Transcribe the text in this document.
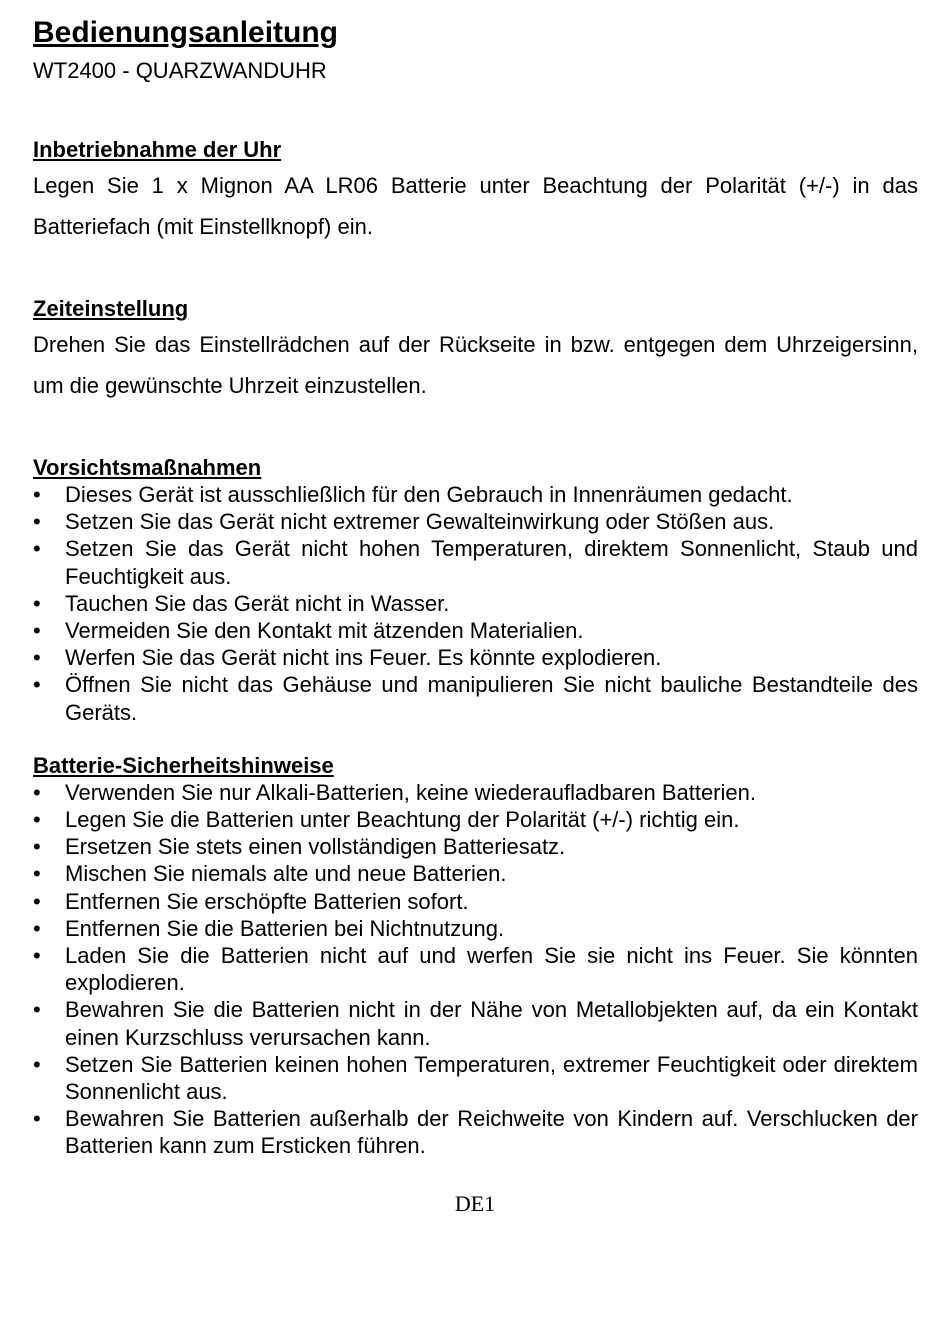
Bedienungsanleitung
WT2400 - QUARZWANDUHR
Inbetriebnahme der Uhr

Legen Sie 1 x Mignon AA LR06 Batterie unter Beachtung der Polarität (+/-) in das Batteriefach (mit Einstellknopf) ein.

Zeiteinstellung

Drehen Sie das Einstellrädchen auf der Rückseite in bzw. entgegen dem Uhrzeigersinn, um die gewünschte Uhrzeit einzustellen.

Vorsichtsmaßnahmen
•	Dieses Gerät ist ausschließlich für den Gebrauch in Innenräumen gedacht.
•	Setzen Sie das Gerät nicht extremer Gewalteinwirkung oder Stößen aus.
•	Setzen Sie das Gerät nicht hohen Temperaturen, direktem Sonnenlicht, Staub und Feuchtigkeit aus.
•	Tauchen Sie das Gerät nicht in Wasser.
•	Vermeiden Sie den Kontakt mit ätzenden Materialien.
•	Werfen Sie das Gerät nicht ins Feuer. Es könnte explodieren.
•	Öffnen Sie nicht das Gehäuse und manipulieren Sie nicht bauliche Bestandteile des Geräts.
Batterie-Sicherheitshinweise
•	Verwenden Sie nur Alkali-Batterien, keine wiederaufladbaren Batterien.
•	Legen Sie die Batterien unter Beachtung der Polarität (+/-) richtig ein.
•	Ersetzen Sie stets einen vollständigen Batteriesatz.
•	Mischen Sie niemals alte und neue Batterien.
•	Entfernen Sie erschöpfte Batterien sofort.
•	Entfernen Sie die Batterien bei Nichtnutzung.
•	Laden Sie die Batterien nicht auf und werfen Sie sie nicht ins Feuer. Sie könnten explodieren.
•	Bewahren Sie die Batterien nicht in der Nähe von Metallobjekten auf, da ein Kontakt einen Kurzschluss verursachen kann.
•	Setzen Sie Batterien keinen hohen Temperaturen, extremer Feuchtigkeit oder direktem Sonnenlicht aus.
•	Bewahren Sie Batterien außerhalb der Reichweite von Kindern auf. Verschlucken der Batterien kann zum Ersticken führen.
DE1
